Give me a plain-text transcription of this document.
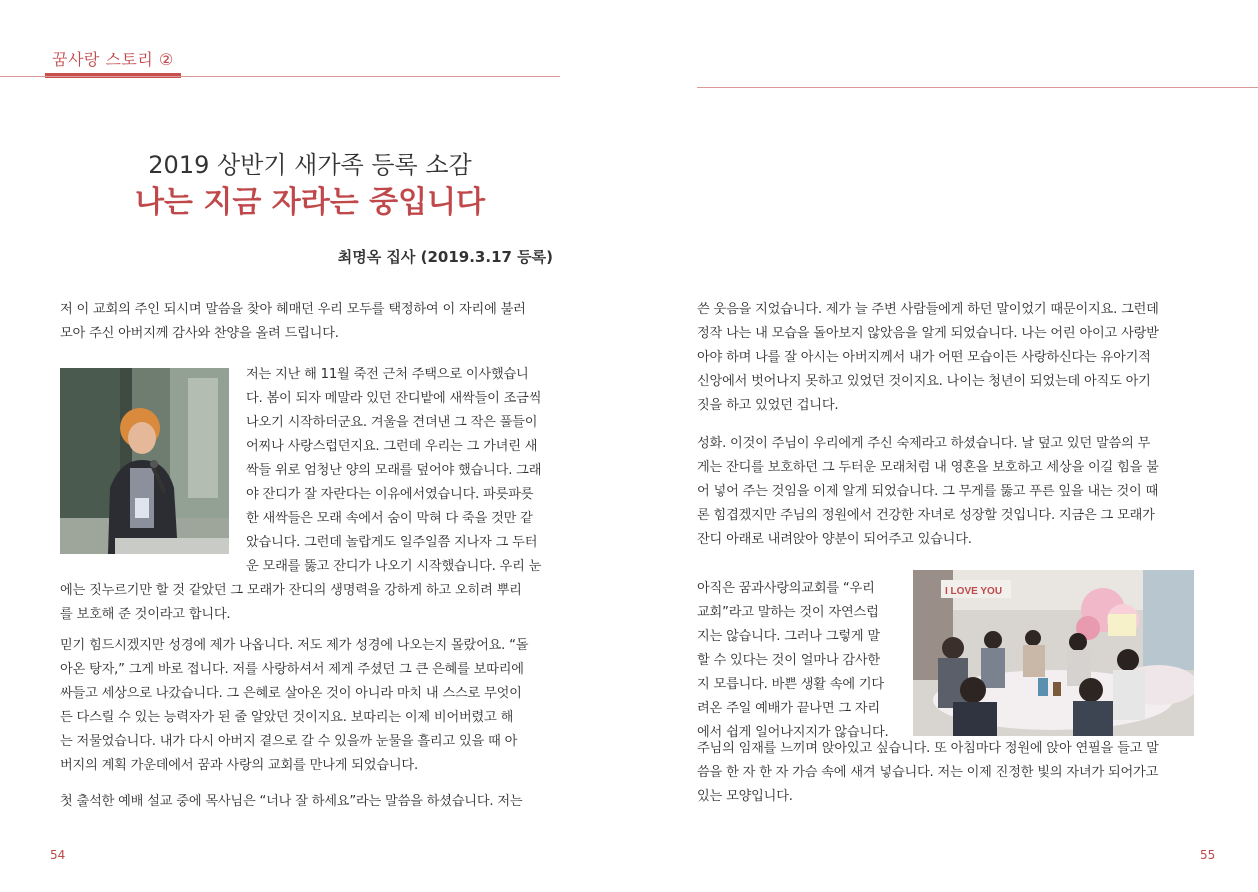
꿈사랑 스토리 ②
2019 상반기 새가족 등록 소감
나는 지금 자라는 중입니다
최명옥 집사 (2019.3.17 등록)

저 이 교회의 주인 되시며 말씀을 찾아 헤매던 우리 모두를 택정하여 이 자리에 불러

모아 주신 아버지께 감사와 찬양을 올려 드립니다.

저는 지난 해 11월 죽전 근처 주택으로 이사했습니

다. 봄이 되자 메말라 있던 잔디밭에 새싹들이 조금씩

나오기 시작하더군요. 겨울을 견뎌낸 그 작은 풀들이

어찌나 사랑스럽던지요. 그런데 우리는 그 가녀린 새

싹들 위로 엄청난 양의 모래를 덮어야 했습니다. 그래

야 잔디가 잘 자란다는 이유에서였습니다. 파릇파릇

한 새싹들은 모래 속에서 숨이 막혀 다 죽을 것만 같

았습니다. 그런데 놀랍게도 일주일쯤 지나자 그 두터

운 모래를 뚫고 잔디가 나오기 시작했습니다. 우리 눈

에는 짓누르기만 할 것 같았던 그 모래가 잔디의 생명력을 강하게 하고 오히려 뿌리

를 보호해 준 것이라고 합니다.

믿기 힘드시겠지만 성경에 제가 나옵니다. 저도 제가 성경에 나오는지 몰랐어요. “돌

아온 탕자,” 그게 바로 접니다. 저를 사랑하셔서 제게 주셨던 그 큰 은혜를 보따리에

싸들고 세상으로 나갔습니다. 그 은혜로 살아온 것이 아니라 마치 내 스스로 무엇이

든 다스릴 수 있는 능력자가 된 줄 알았던 것이지요. 보따리는 이제 비어버렸고 해

는 저물었습니다. 내가 다시 아버지 곁으로 갈 수 있을까 눈물을 흘리고 있을 때 아

버지의 계획 가운데에서 꿈과 사랑의 교회를 만나게 되었습니다.

첫 출석한 예배 설교 중에 목사님은 “너나 잘 하세요”라는 말씀을 하셨습니다. 저는

54

쓴 웃음을 지었습니다. 제가 늘 주변 사람들에게 하던 말이었기 때문이지요. 그런데

정작 나는 내 모습을 돌아보지 않았음을 알게 되었습니다. 나는 어린 아이고 사랑받

아야 하며 나를 잘 아시는 아버지께서 내가 어떤 모습이든 사랑하신다는 유아기적

신앙에서 벗어나지 못하고 있었던 것이지요. 나이는 청년이 되었는데 아직도 아기

짓을 하고 있었던 겁니다.

성화. 이것이 주님이 우리에게 주신 숙제라고 하셨습니다. 날 덮고 있던 말씀의 무

게는 잔디를 보호하던 그 두터운 모래처럼 내 영혼을 보호하고 세상을 이길 힘을 불

어 넣어 주는 것임을 이제 알게 되었습니다. 그 무게를 뚫고 푸른 잎을 내는 것이 때

론 힘겹겠지만 주님의 정원에서 건강한 자녀로 성장할 것입니다. 지금은 그 모래가

잔디 아래로 내려앉아 양분이 되어주고 있습니다.

아직은 꿈과사랑의교회를 “우리

교회”라고 말하는 것이 자연스럽

지는 않습니다. 그러나 그렇게 말

할 수 있다는 것이 얼마나 감사한

지 모릅니다. 바쁜 생활 속에 기다

려온 주일 예배가 끝나면 그 자리

에서 쉽게 일어나지지가 않습니다.

주님의 임재를 느끼며 앉아있고 싶습니다. 또 아침마다 정원에 앉아 연필을 들고 말

씀을 한 자 한 자 가슴 속에 새겨 넣습니다. 저는 이제 진정한 빛의 자녀가 되어가고

있는 모양입니다.

I LOVE YOU
55
